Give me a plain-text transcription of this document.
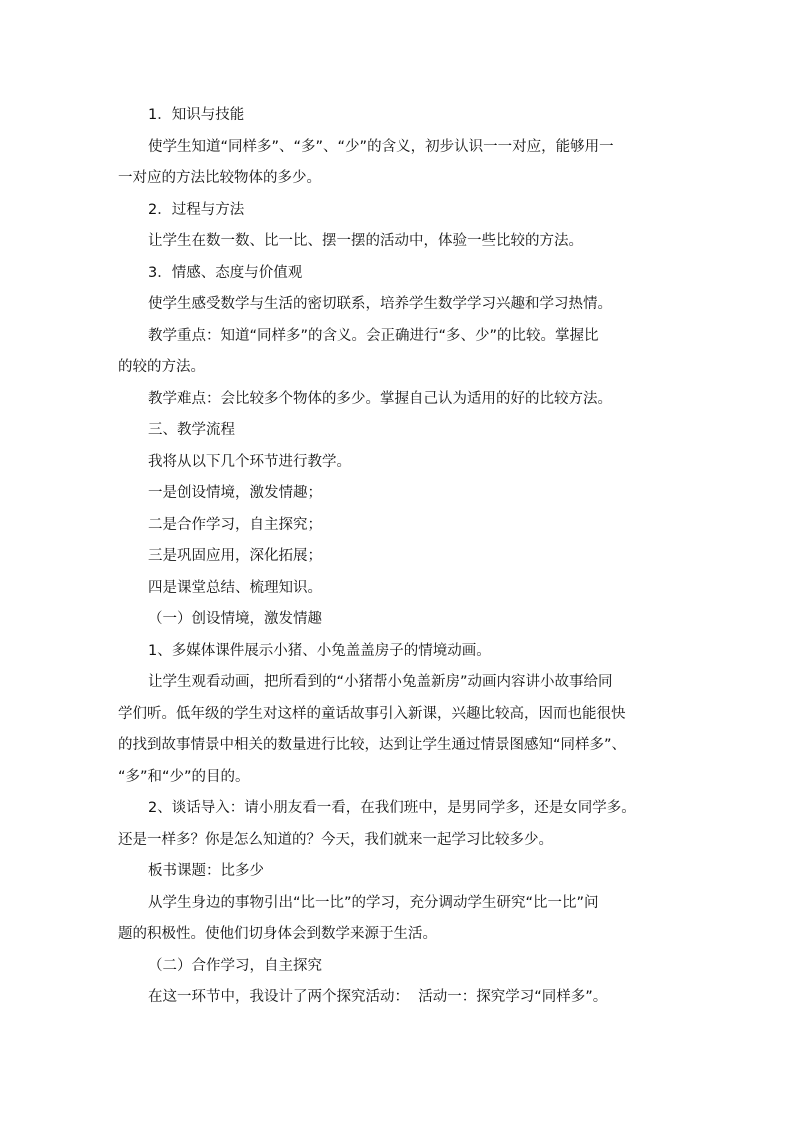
1．知识与技能
使学生知道“同样多”、“多”、“少”的含义，初步认识一一对应，能够用一
一对应的方法比较物体的多少。
2．过程与方法
让学生在数一数、比一比、摆一摆的活动中，体验一些比较的方法。
3．情感、态度与价值观
使学生感受数学与生活的密切联系，培养学生数学学习兴趣和学习热情。
教学重点：知道“同样多”的含义。会正确进行“多、少”的比较。掌握比
的较的方法。
教学难点：会比较多个物体的多少。掌握自己认为适用的好的比较方法。
三、教学流程
我将从以下几个环节进行教学。
一是创设情境，激发情趣；
二是合作学习，自主探究；
三是巩固应用，深化拓展；
四是课堂总结、梳理知识。
（一）创设情境，激发情趣
1、多媒体课件展示小猪、小兔盖盖房子的情境动画。
让学生观看动画，把所看到的“小猪帮小兔盖新房”动画内容讲小故事给同
学们听。低年级的学生对这样的童话故事引入新课，兴趣比较高，因而也能很快
的找到故事情景中相关的数量进行比较，达到让学生通过情景图感知“同样多”、
“多”和“少”的目的。
2、谈话导入：请小朋友看一看，在我们班中，是男同学多，还是女同学多。
还是一样多？你是怎么知道的？今天，我们就来一起学习比较多少。
板书课题：比多少
从学生身边的事物引出“比一比”的学习，充分调动学生研究“比一比”问
题的积极性。使他们切身体会到数学来源于生活。
（二）合作学习，自主探究
在这一环节中，我设计了两个探究活动：  活动一：探究学习“同样多”。
